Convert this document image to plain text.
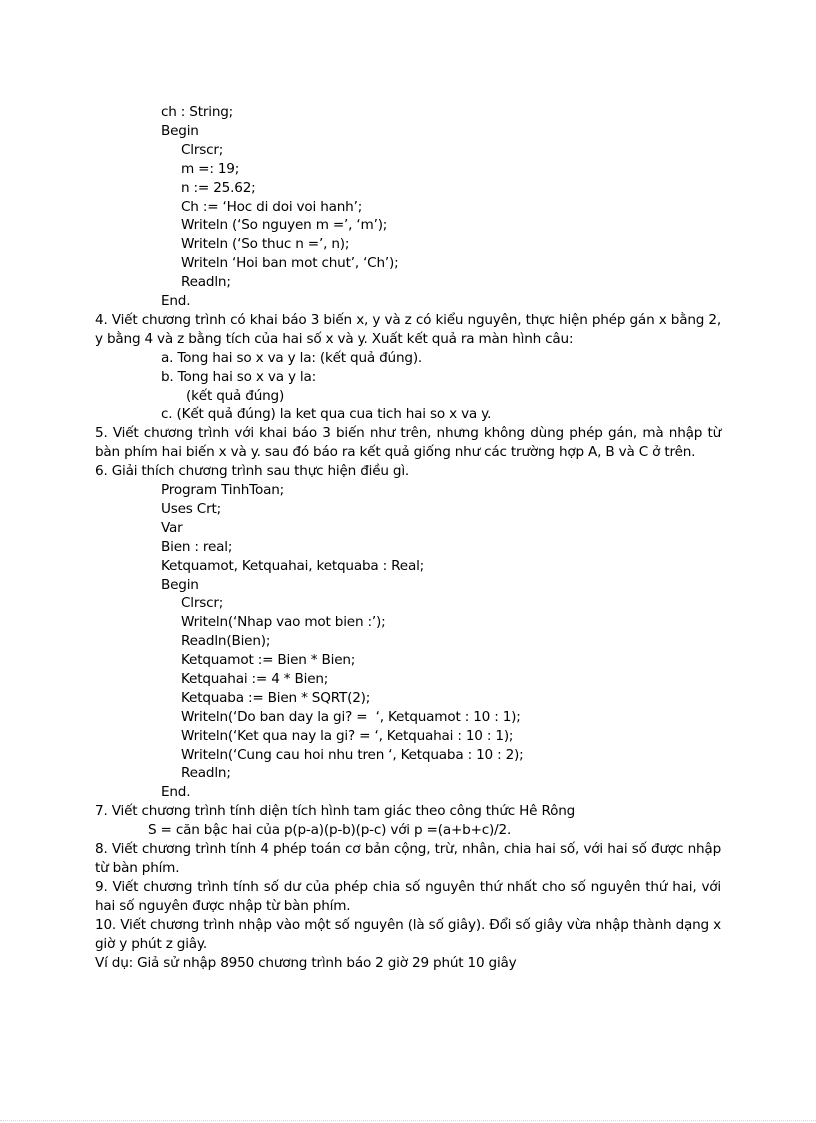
ch : String;
Begin
Clrscr;
m =: 19;
n := 25.62;
Ch := ‘Hoc di doi voi hanh’;
Writeln (‘So nguyen m =’, ‘m’);
Writeln (‘So thuc n =’, n);
Writeln ‘Hoi ban mot chut’, ‘Ch’);
Readln;
End.
4. Viết chương trình có khai báo 3 biến x, y và z có kiểu nguyên, thực hiện phép gán x bằng 2,
y bằng 4 và z bằng tích của hai số x và y. Xuất kết quả ra màn hình câu:
a. Tong hai so x va y la: (kết quả đúng).
b. Tong hai so x va y la:
(kết quả đúng)
c. (Kết quả đúng) la ket qua cua tich hai so x va y.
5. Viết chương trình với khai báo 3 biến như trên, nhưng không dùng phép gán, mà nhập từ
bàn phím hai biến x và y. sau đó báo ra kết quả giống như các trường hợp A, B và C ở trên.
6. Giải thích chương trình sau thực hiện điều gì.
Program TinhToan;
Uses Crt;
Var
Bien : real;
Ketquamot, Ketquahai, ketquaba : Real;
Begin
Clrscr;
Writeln(‘Nhap vao mot bien :’);
Readln(Bien);
Ketquamot := Bien * Bien;
Ketquahai := 4 * Bien;
Ketquaba := Bien * SQRT(2);
Writeln(‘Do ban day la gi? =  ‘, Ketquamot : 10 : 1);
Writeln(‘Ket qua nay la gi? = ‘, Ketquahai : 10 : 1);
Writeln(‘Cung cau hoi nhu tren ‘, Ketquaba : 10 : 2);
Readln;
End.
7. Viết chương trình tính diện tích hình tam giác theo công thức Hê Rông
S = căn bậc hai của p(p-a)(p-b)(p-c) với p =(a+b+c)/2.
8. Viết chương trình tính 4 phép toán cơ bản cộng, trừ, nhân, chia hai số, với hai số được nhập
từ bàn phím.
9. Viết chương trình tính số dư của phép chia số nguyên thứ nhất cho số nguyên thứ hai, với
hai số nguyên được nhập từ bàn phím.
10. Viết chương trình nhập vào một số nguyên (là số giây). Đổi số giây vừa nhập thành dạng x
giờ y phút z giây.
Ví dụ: Giả sử nhập 8950 chương trình báo 2 giờ 29 phút 10 giây
